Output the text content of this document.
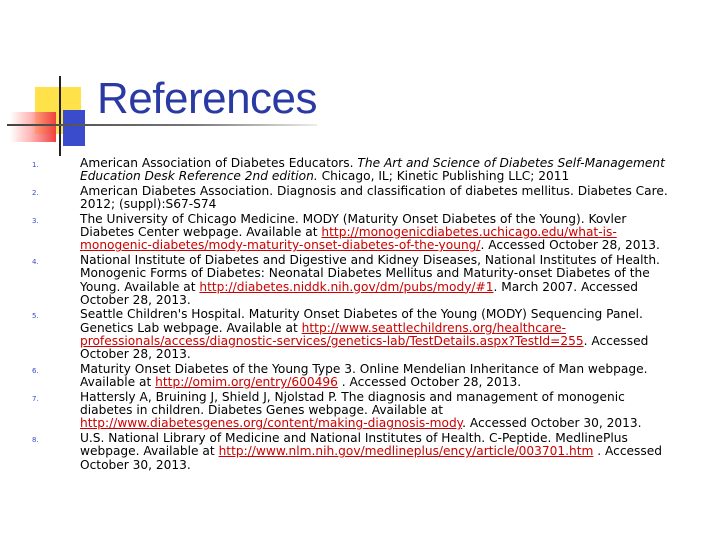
References
1.	American Association of Diabetes Educators. The Art and Science of Diabetes Self-Management Education Desk Reference 2nd edition. Chicago, IL; Kinetic Publishing LLC; 2011
2.	American Diabetes Association. Diagnosis and classification of diabetes mellitus. Diabetes Care. 2012; (suppl):S67-S74
3.	The University of Chicago Medicine. MODY (Maturity Onset Diabetes of the Young). Kovler Diabetes Center webpage. Available at http://monogenicdiabetes.uchicago.edu/what-is-monogenic-diabetes/mody-maturity-onset-diabetes-of-the-young/. Accessed October 28, 2013.
4.	National Institute of Diabetes and Digestive and Kidney Diseases, National Institutes of Health. Monogenic Forms of Diabetes: Neonatal Diabetes Mellitus and Maturity-onset Diabetes of the Young. Available at http://diabetes.niddk.nih.gov/dm/pubs/mody/#1. March 2007. Accessed October 28, 2013.
5.	Seattle Children's Hospital. Maturity Onset Diabetes of the Young (MODY) Sequencing Panel. Genetics Lab webpage. Available at http://www.seattlechildrens.org/healthcare-professionals/access/diagnostic-services/genetics-lab/TestDetails.aspx?TestId=255. Accessed October 28, 2013.
6.	Maturity Onset Diabetes of the Young Type 3. Online Mendelian Inheritance of Man webpage. Available at http://omim.org/entry/600496 . Accessed October 28, 2013.
7.	Hattersly A, Bruining J, Shield J, Njolstad P. The diagnosis and management of monogenic diabetes in children. Diabetes Genes webpage. Available at http://www.diabetesgenes.org/content/making-diagnosis-mody. Accessed October 30, 2013.
8.	U.S. National Library of Medicine and National Institutes of Health. C-Peptide. MedlinePlus webpage. Available at http://www.nlm.nih.gov/medlineplus/ency/article/003701.htm . Accessed October 30, 2013.
